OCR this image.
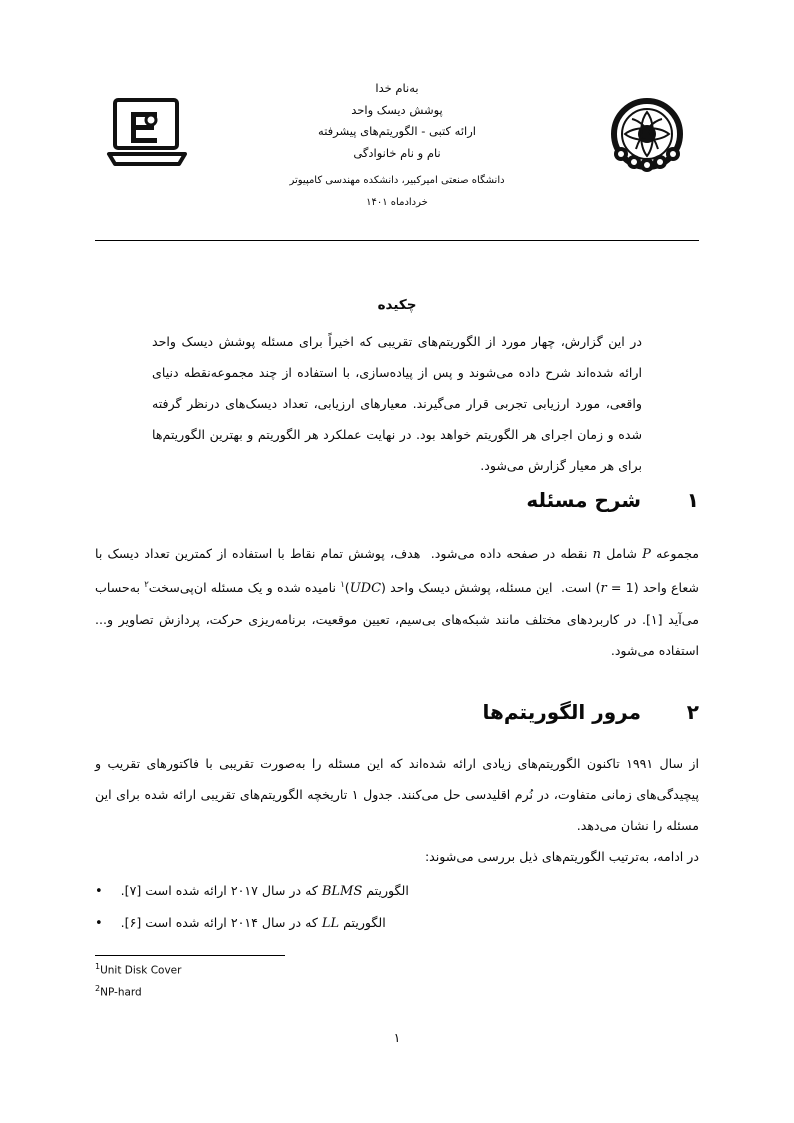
به‌نام خدا
پوشش دیسک واحد
ارائه کتبی - الگوریتم‌های پیشرفته
نام و نام خانوادگی
دانشگاه صنعتی امیرکبیر، دانشکده مهندسی کامپیوتر
خردادماه ۱۴۰۱
چکیده
در این گزارش، چهار مورد از الگوریتم‌های تقریبی که اخیراً برای مسئله پوشش دیسک واحد ارائه شده‌اند شرح داده می‌شوند و پس از پیاده‌سازی، با استفاده از چند مجموعه‌نقطه دنیای واقعی، مورد ارزیابی تجربی قرار می‌گیرند. معیارهای ارزیابی، تعداد دیسک‌های درنظر گرفته شده و زمان اجرای هر الگوریتم خواهد بود. در نهایت عملکرد هر الگوریتم و بهترین الگوریتم‌ها برای هر معیار گزارش می‌شود.
۱
شرح مسئله
مجموعه P شامل n نقطه در صفحه داده می‌شود.  هدف، پوشش تمام نقاط با استفاده از کمترین تعداد دیسک با شعاع واحد (r = 1) است.  این مسئله، پوشش دیسک واحد (UDC)$^۱$ نامیده شده و یک مسئله ان‌پی‌سخت$^۲$ به‌حساب می‌آید [۱]. در کاربردهای مختلف مانند شبکه‌های بی‌سیم، تعیین موقعیت، برنامه‌ریزی حرکت، پردازش تصاویر و... استفاده می‌شود.
۲
مرور الگوریتم‌ها
از سال ۱۹۹۱ تاکنون الگوریتم‌های زیادی ارائه شده‌اند که این مسئله را به‌صورت تقریبی با فاکتورهای تقریب و پیچیدگی‌های زمانی متفاوت، در نُرم اقلیدسی حل می‌کنند. جدول ۱ تاریخچه الگوریتم‌های تقریبی ارائه شده برای این مسئله را نشان می‌دهد.
در ادامه، به‌ترتیب الگوریتم‌های ذیل بررسی می‌شوند:
•	الگوریتم BLMS که در سال ۲۰۱۷ ارائه شده است [۷].
•	الگوریتم LL که در سال ۲۰۱۴ ارائه شده است [۶].
$^1$Unit Disk Cover
$^2$NP-hard
۱
